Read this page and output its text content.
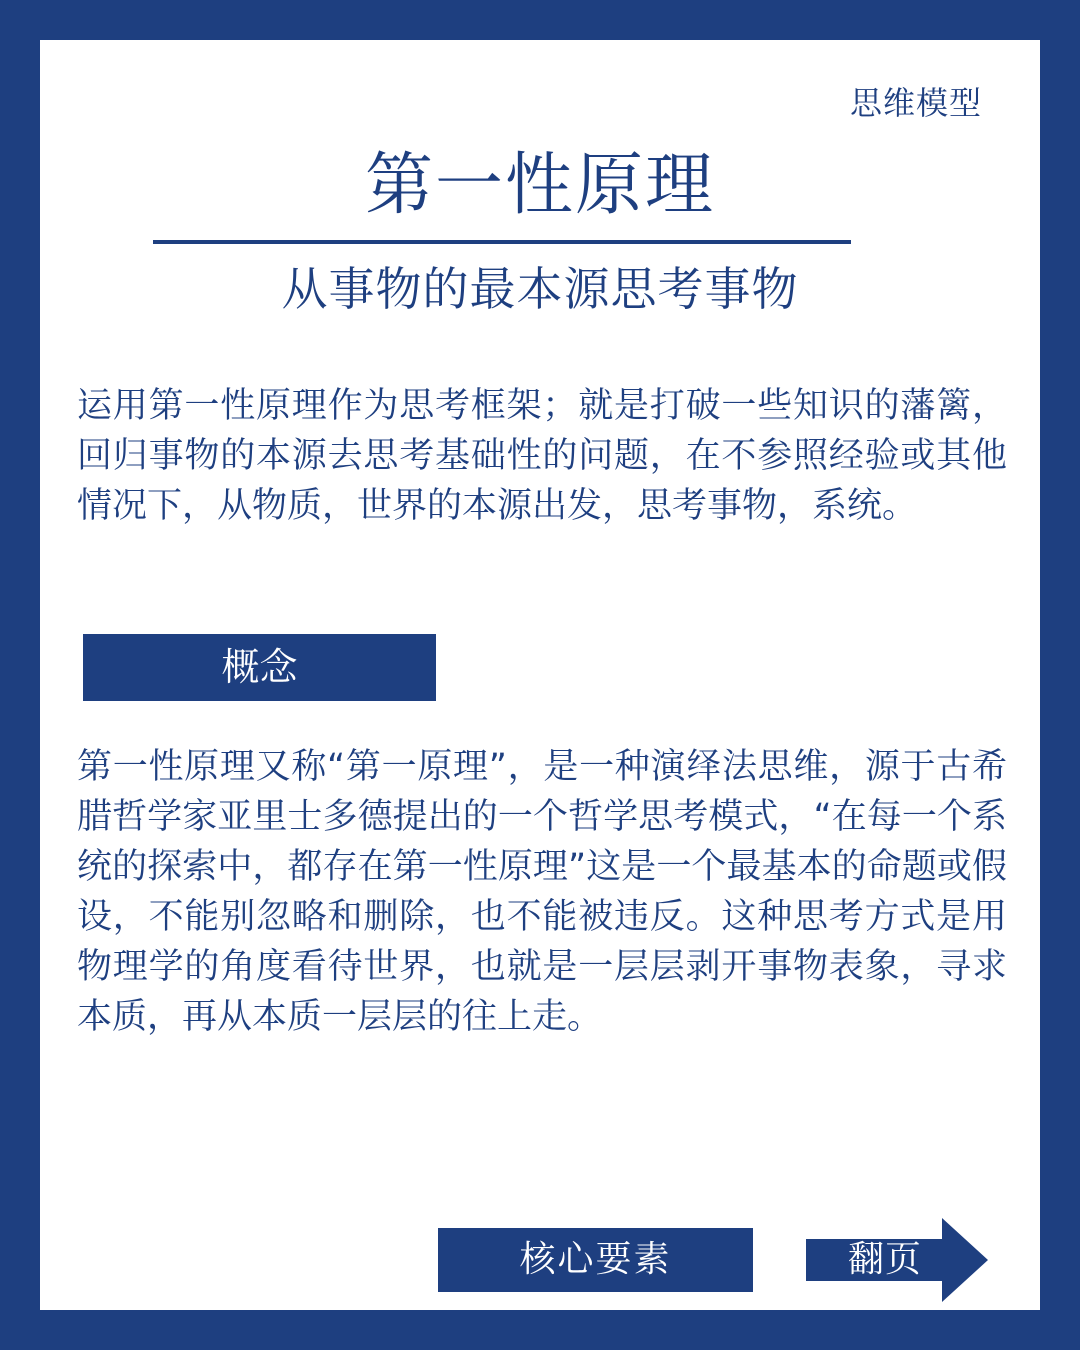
思维模型
第一性原理
从事物的最本源思考事物

运用第一性原理作为思考框架；就是打破一些知识的藩篱，回归事物的本源去思考基础性的问题，在不参照经验或其他情况下，从物质，世界的本源出发，思考事物，系统。

概念

第一性原理又称“第一原理”，是一种演绎法思维，源于古希腊哲学家亚里士多德提出的一个哲学思考模式，“在每一个系统的探索中，都存在第一性原理”这是一个最基本的命题或假设，不能别忽略和删除，也不能被违反。这种思考方式是用物理学的角度看待世界，也就是一层层剥开事物表象，寻求本质，再从本质一层层的往上走。

核心要素	翻页
